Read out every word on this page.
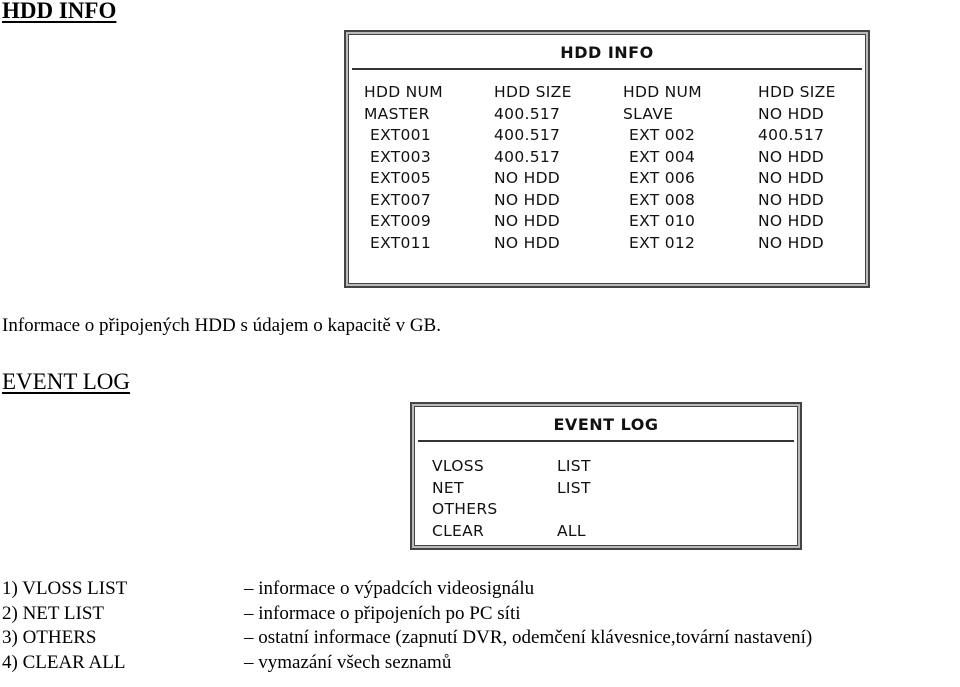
HDD INFO
HDD INFO
HDD NUM	HDD SIZE	HDD NUM	HDD SIZE
MASTER	400.517	SLAVE	NO HDD
EXT001	400.517	EXT 002	400.517
EXT003	400.517	EXT 004	NO HDD
EXT005	NO HDD	EXT 006	NO HDD
EXT007	NO HDD	EXT 008	NO HDD
EXT009	NO HDD	EXT 010	NO HDD
EXT011	NO HDD	EXT 012	NO HDD
Informace o připojených HDD s údajem o kapacitě v GB.
EVENT LOG
EVENT LOG
VLOSS	LIST
NET	LIST
OTHERS	
CLEAR	ALL
1) VLOSS LIST	– informace o výpadcích videosignálu
2) NET LIST	– informace o připojeních po PC síti
3) OTHERS	– ostatní informace (zapnutí DVR, odemčení klávesnice,tovární nastavení)
4) CLEAR ALL	– vymazání všech seznamů
